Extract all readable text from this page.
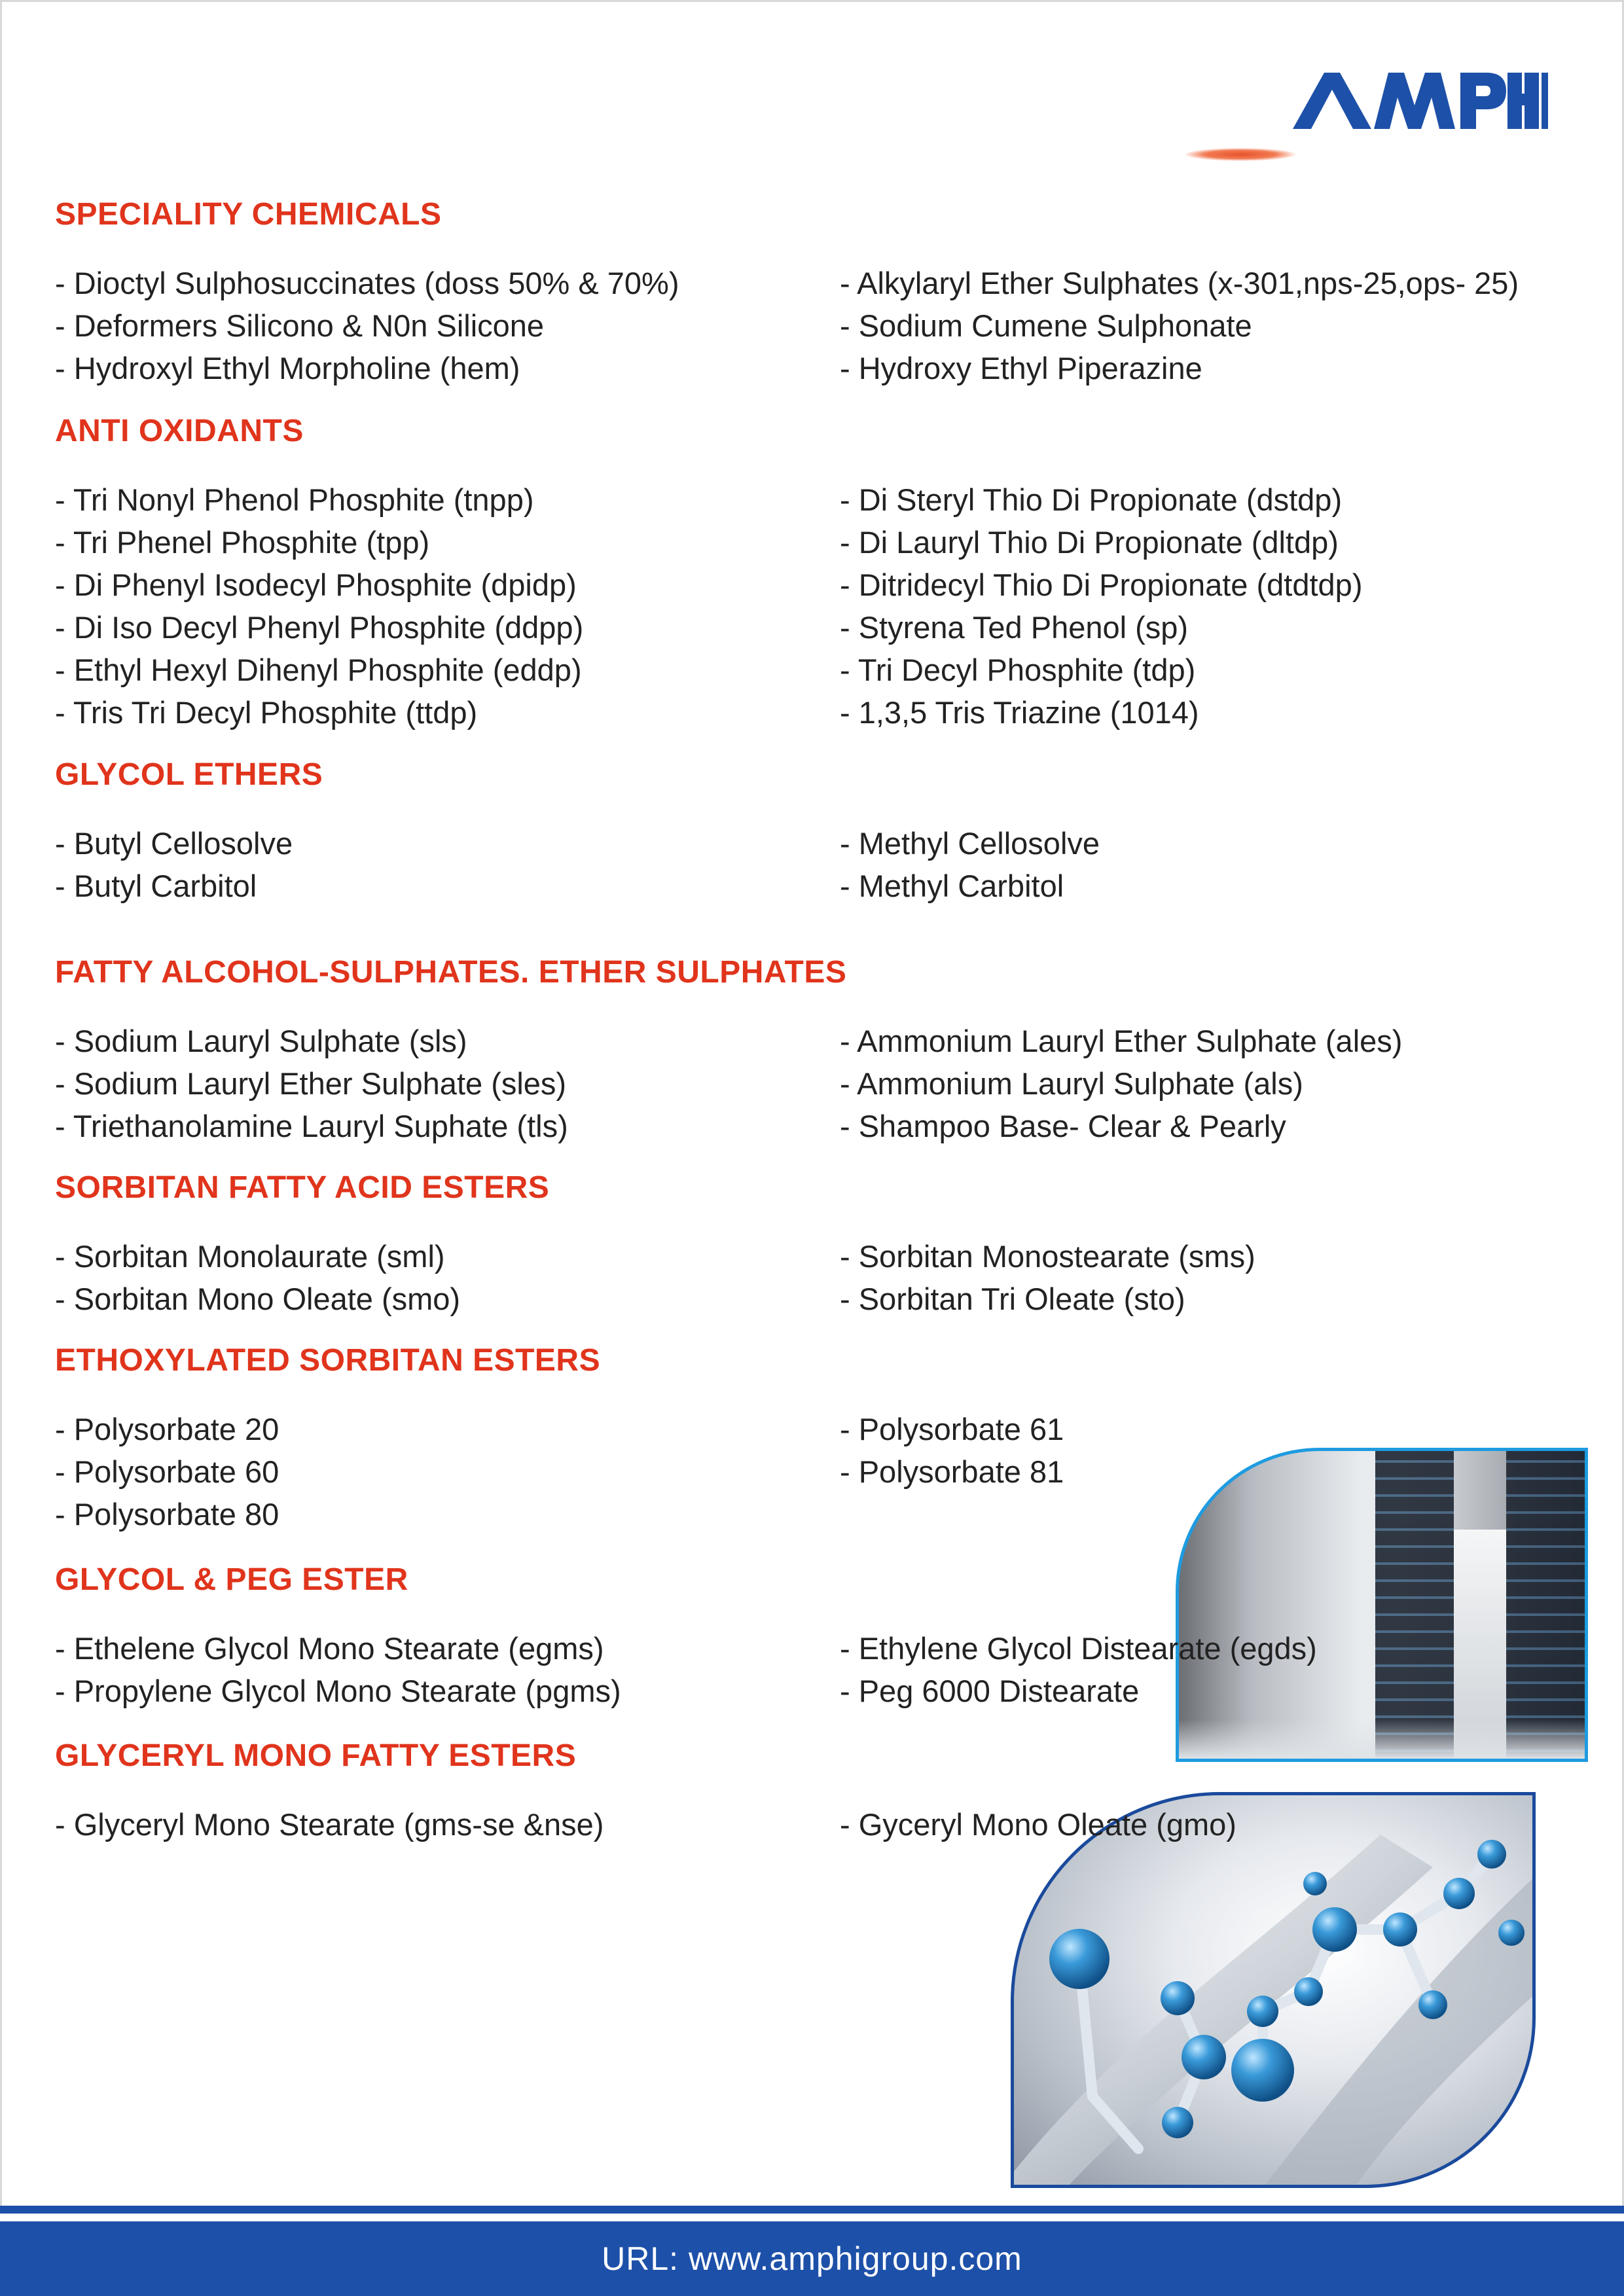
SPECIALITY CHEMICALS
- Dioctyl Sulphosuccinates (doss 50% & 70%)
- Deformers Silicono & N0n Silicone
- Hydroxyl Ethyl Morpholine (hem)
- Alkylaryl Ether Sulphates (x-301,nps-25,ops- 25)
- Sodium Cumene Sulphonate
- Hydroxy Ethyl Piperazine
ANTI OXIDANTS
- Tri Nonyl Phenol Phosphite (tnpp)
- Tri Phenel Phosphite (tpp)
- Di Phenyl Isodecyl Phosphite (dpidp)
- Di Iso Decyl Phenyl Phosphite (ddpp)
- Ethyl Hexyl Dihenyl Phosphite (eddp)
- Tris Tri Decyl Phosphite (ttdp)
- Di Steryl Thio Di Propionate (dstdp)
- Di Lauryl Thio Di Propionate (dltdp)
- Ditridecyl Thio Di Propionate (dtdtdp)
- Styrena Ted Phenol (sp)
- Tri Decyl Phosphite (tdp)
- 1,3,5 Tris Triazine (1014)
GLYCOL ETHERS
- Butyl Cellosolve
- Butyl Carbitol
- Methyl Cellosolve
- Methyl Carbitol
FATTY ALCOHOL-SULPHATES. ETHER SULPHATES
- Sodium Lauryl Sulphate (sls)
- Sodium Lauryl Ether Sulphate (sles)
- Triethanolamine Lauryl Suphate (tls)
- Ammonium Lauryl Ether Sulphate (ales)
- Ammonium Lauryl Sulphate (als)
- Shampoo Base- Clear & Pearly
SORBITAN FATTY ACID ESTERS
- Sorbitan Monolaurate (sml)
- Sorbitan Mono Oleate (smo)
- Sorbitan Monostearate (sms)
- Sorbitan Tri Oleate (sto)
ETHOXYLATED SORBITAN ESTERS
- Polysorbate 20
- Polysorbate 60
- Polysorbate 80
- Polysorbate 61
- Polysorbate 81
GLYCOL & PEG ESTER
- Ethelene Glycol Mono Stearate (egms)
- Propylene Glycol Mono Stearate (pgms)
- Ethylene Glycol Distearate (egds)
- Peg 6000 Distearate
GLYCERYL MONO FATTY ESTERS
- Glyceryl Mono Stearate (gms-se &nse)	- Gyceryl Mono Oleate (gmo)
URL: www.amphigroup.com
